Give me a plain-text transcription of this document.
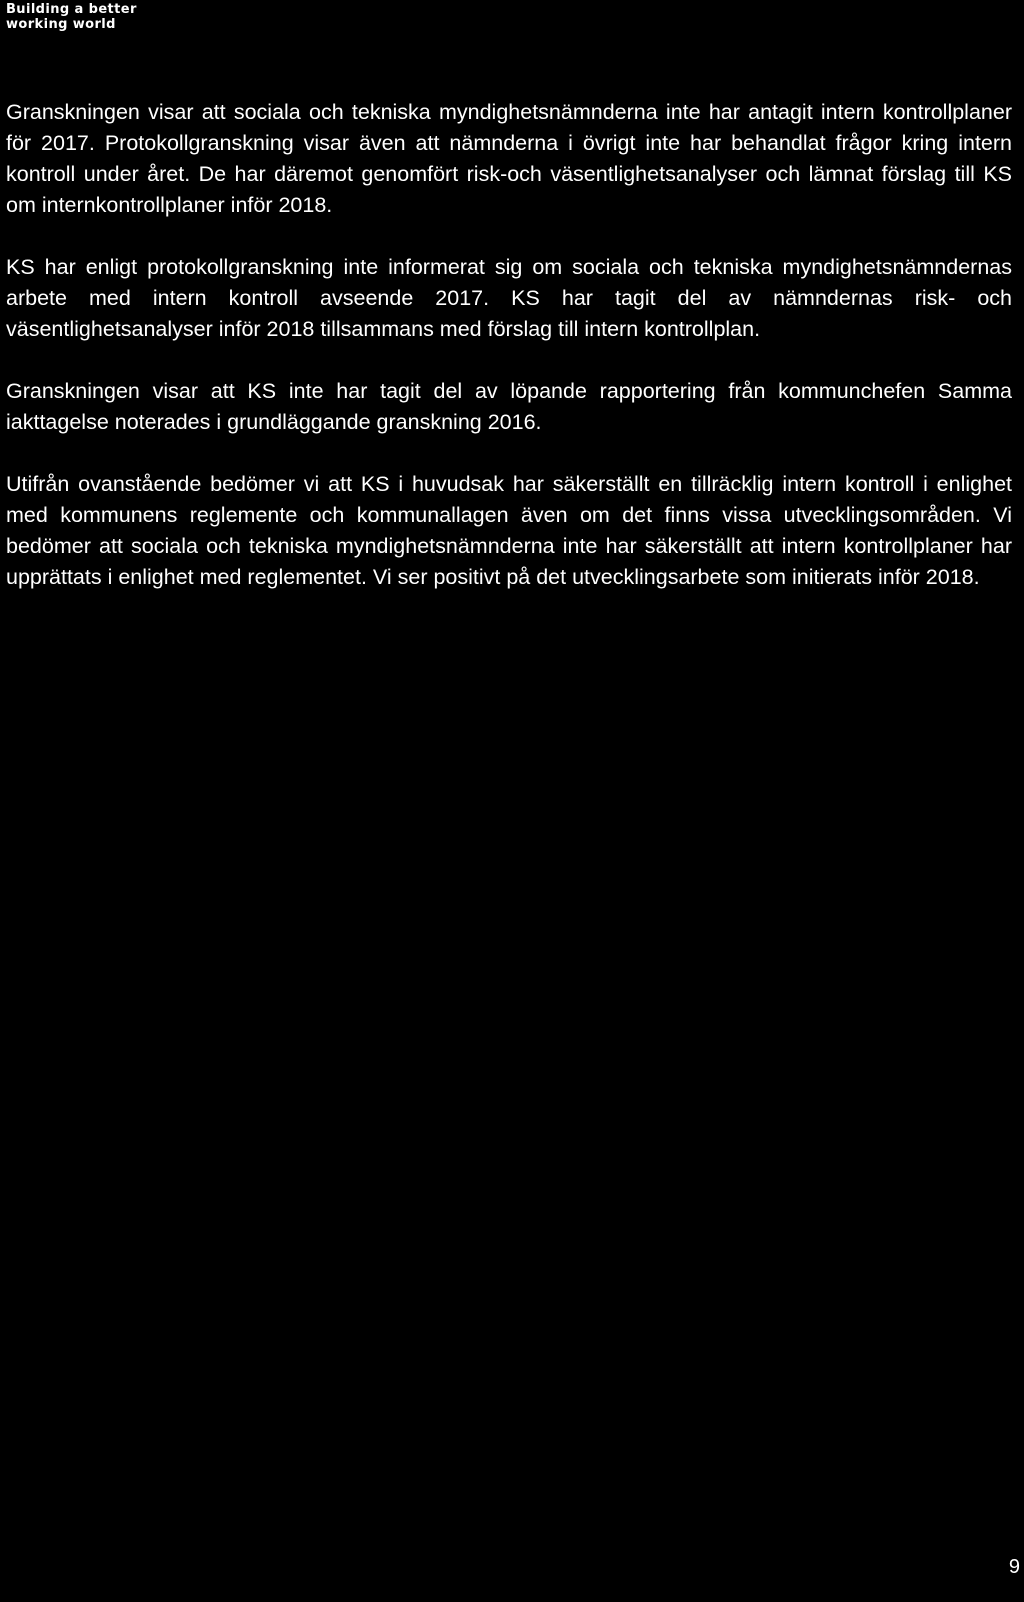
Building a better
working world

Granskningen visar att sociala och tekniska myndighetsnämnderna inte har antagit intern kontrollplaner för 2017. Protokollgranskning visar även att nämnderna i övrigt inte har behandlat frågor kring intern kontroll under året. De har däremot genomfört risk-och väsentlighetsanalyser och lämnat förslag till KS om internkontrollplaner inför 2018.

KS har enligt protokollgranskning inte informerat sig om sociala och tekniska myndighetsnämndernas arbete med intern kontroll avseende 2017. KS har tagit del av nämndernas risk- och väsentlighetsanalyser inför 2018 tillsammans med förslag till intern kontrollplan.

Granskningen visar att KS inte har tagit del av löpande rapportering från kommunchefen Samma iakttagelse noterades i grundläggande granskning 2016.

Utifrån ovanstående bedömer vi att KS i huvudsak har säkerställt en tillräcklig intern kontroll i enlighet med kommunens reglemente och kommunallagen även om det finns vissa utvecklingsområden. Vi bedömer att sociala och tekniska myndighetsnämnderna inte har säkerställt att intern kontrollplaner har upprättats i enlighet med reglementet. Vi ser positivt på det utvecklingsarbete som initierats inför 2018.

9
